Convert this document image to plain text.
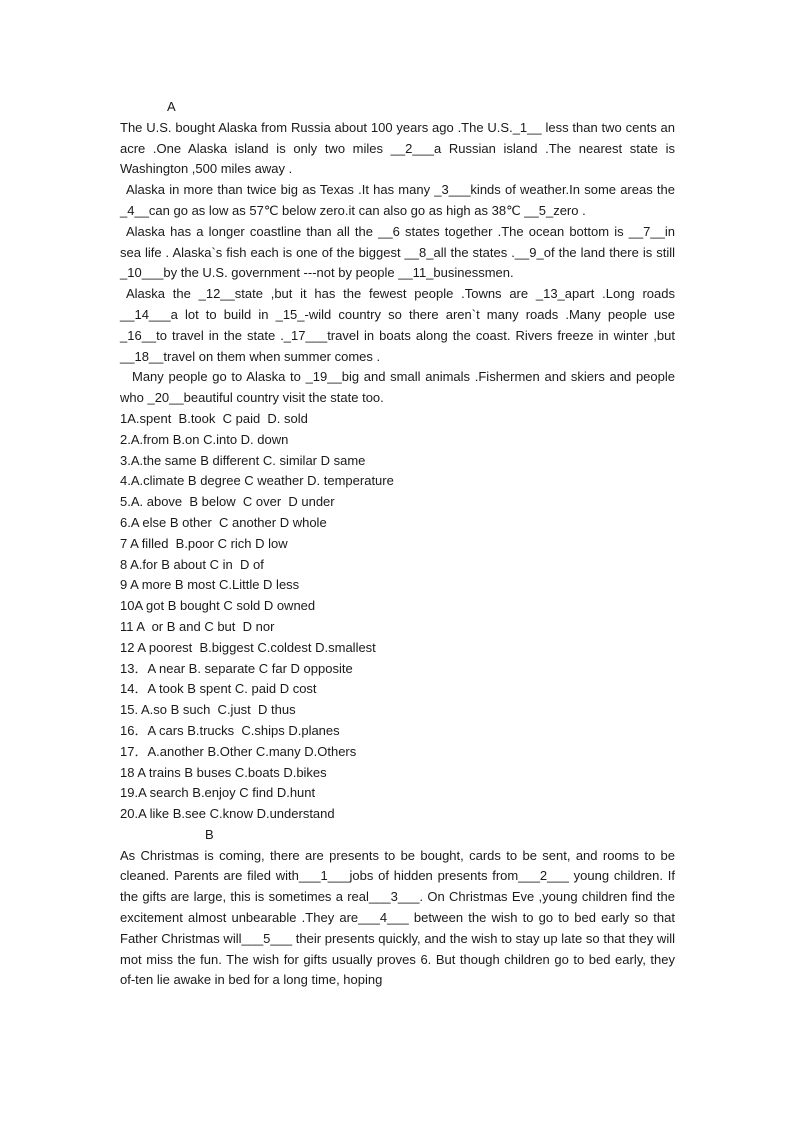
A

The U.S. bought Alaska from Russia about 100 years ago .The U.S._1__ less than two cents an acre .One Alaska island is only two miles __2___a Russian island .The nearest state is Washington ,500 miles away .

Alaska in more than twice big as Texas .It has many _3___kinds of weather.In some areas the _4__can go as low as 57℃ below zero.it can also go as high as 38℃ __5_zero .

Alaska has a longer coastline than all the __6 states together .The ocean bottom is __7__in sea life . Alaska`s fish each is one of the biggest __8_all the states .__9_of the land there is still _10___by the U.S. government ---not by people __11_businessmen.

Alaska the _12__state ,but it has the fewest people .Towns are _13_apart .Long roads __14___a lot to build in _15_-wild country so there aren`t many roads .Many people use _16__to travel in the state ._17___travel in boats along the coast. Rivers freeze in winter ,but __18__travel on them when summer comes .

Many people go to Alaska to _19__big and small animals .Fishermen and skiers and people who _20__beautiful country visit the state too.

1A.spent  B.took  C paid  D. sold

2.A.from B.on C.into D. down

3.A.the same B different C. similar D same

4.A.climate B degree C weather D. temperature

5.A. above  B below  C over  D under

6.A else B other  C another D whole

7 A filled  B.poor C rich D low

8 A.for B about C in  D of

9 A more B most C.Little D less

10A got B bought C sold D owned

11 A  or B and C but  D nor

12 A poorest  B.biggest C.coldest D.smallest

13．A near B. separate C far D opposite

14．A took B spent C. paid D cost

15. A.so B such  C.just  D thus

16．A cars B.trucks  C.ships D.planes

17．A.another B.Other C.many D.Others

18 A trains B buses C.boats D.bikes

19.A search B.enjoy C find D.hunt

20.A like B.see C.know D.understand

B

As Christmas is coming, there are presents to be bought, cards to be sent, and rooms to be cleaned. Parents are filed with___1___jobs of hidden presents from___2___ young children. If the gifts are large, this is sometimes a real___3___. On Christmas Eve ,young children find the excitement almost unbearable .They are___4___ between the wish to go to bed early so that Father Christmas will___5___ their presents quickly, and the wish to stay up late so that they will mot miss the fun. The wish for gifts usually proves 6. But though children go to bed early, they of-ten lie awake in bed for a long time, hoping
